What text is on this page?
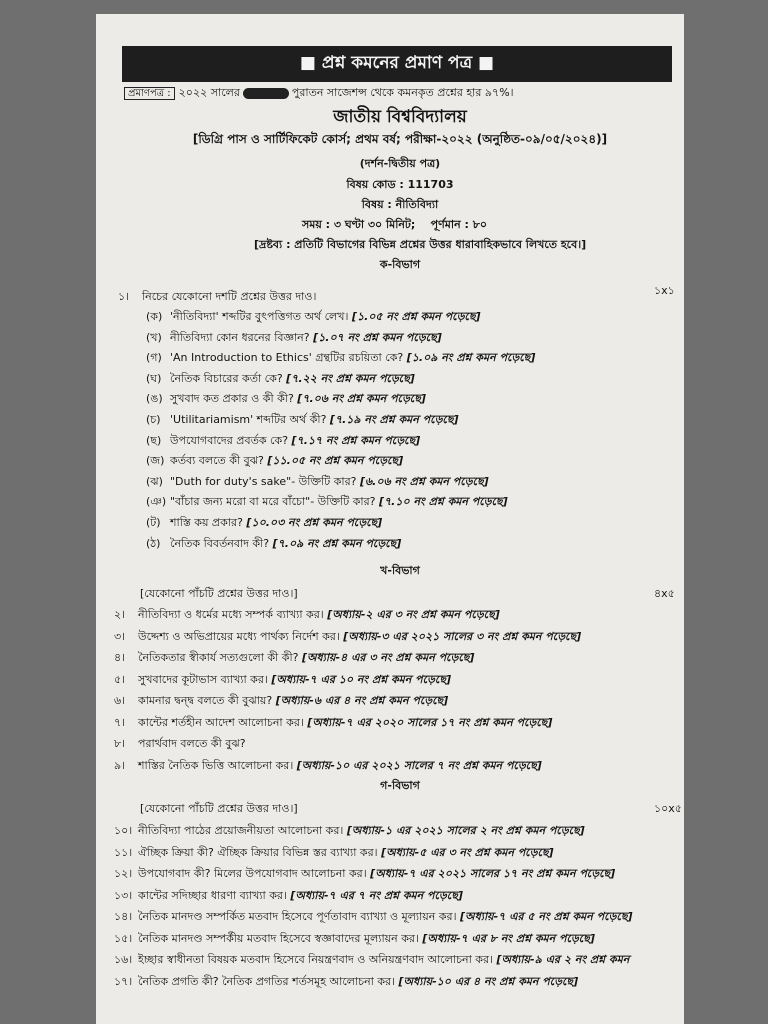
■ প্রশ্ন কমনের প্রমাণ পত্র ■
প্রমাণপত্র : ২০২২ সালের	পুরাতন সাজেশন্স থেকে কমনকৃত প্রশ্নের হার ৯৭%।
জাতীয় বিশ্ববিদ্যালয়
[ডিগ্রি পাস ও সার্টিফিকেট কোর্স; প্রথম বর্ষ; পরীক্ষা-২০২২ (অনুষ্ঠিত-০৯/০৫/২০২৪)]
(দর্শন-দ্বিতীয় পত্র)
বিষয় কোড : 111703
বিষয় : নীতিবিদ্যা
সময় : ৩ ঘণ্টা ৩০ মিনিট; পূর্ণমান : ৮০
[দ্রষ্টব্য : প্রতিটি বিভাগের বিভিন্ন প্রশ্নের উত্তর ধারাবাহিকভাবে লিখতে হবে।]
ক-বিভাগ
১x১
১। নিচের যেকোনো দশটি প্রশ্নের উত্তর দাও।
(ক) 'নীতিবিদ্যা' শব্দটির বুৎপত্তিগত অর্থ লেখ। [১.০৫ নং প্রশ্ন কমন পড়েছে]
(খ) নীতিবিদ্যা কোন ধরনের বিজ্ঞান? [১.০৭ নং প্রশ্ন কমন পড়েছে]
(গ) 'An Introduction to Ethics' গ্রন্থটির রচয়িতা কে? [১.০৯ নং প্রশ্ন কমন পড়েছে]
(ঘ) নৈতিক বিচারের কর্তা কে? [৭.২২ নং প্রশ্ন কমন পড়েছে]
(ঙ) সুখবাদ কত প্রকার ও কী কী? [৭.০৬ নং প্রশ্ন কমন পড়েছে]
(চ) 'Utilitariamism' শব্দটির অর্থ কী? [৭.১৯ নং প্রশ্ন কমন পড়েছে]
(ছ) উপযোগবাদের প্রবর্তক কে? [৭.১৭ নং প্রশ্ন কমন পড়েছে]
(জ) কর্তব্য বলতে কী বুঝ? [১১.০৫ নং প্রশ্ন কমন পড়েছে]
(ঝ) "Duth for duty's sake"- উক্তিটি কার? [৬.০৬ নং প্রশ্ন কমন পড়েছে]
(ঞ) "বাঁচার জন্য মরো বা মরে বাঁচো"- উক্তিটি কার? [৭.১০ নং প্রশ্ন কমন পড়েছে]
(ট) শাস্তি কয় প্রকার? [১০.০৩ নং প্রশ্ন কমন পড়েছে]
(ঠ) নৈতিক বিবর্তনবাদ কী? [৭.০৯ নং প্রশ্ন কমন পড়েছে]
খ-বিভাগ
[যেকোনো পাঁচটি প্রশ্নের উত্তর দাও।]	৪x৫
২। নীতিবিদ্যা ও ধর্মের মধ্যে সম্পর্ক ব্যাখ্যা কর। [অধ্যায়-২ এর ৩ নং প্রশ্ন কমন পড়েছে]
৩। উদ্দেশ্য ও অভিপ্রায়ের মধ্যে পার্থক্য নির্দেশ কর। [অধ্যায়-৩ এর ২০২১ সালের ৩ নং প্রশ্ন কমন পড়েছে]
৪। নৈতিকতার স্বীকার্য সত্যগুলো কী কী? [অধ্যায়-৪ এর ৩ নং প্রশ্ন কমন পড়েছে]
৫। সুখবাদের কূটাভাস ব্যাখ্যা কর। [অধ্যায়-৭ এর ১০ নং প্রশ্ন কমন পড়েছে]
৬। কামনার দ্বন্দ্ব বলতে কী বুঝায়? [অধ্যায়-৬ এর ৪ নং প্রশ্ন কমন পড়েছে]
৭। কান্টের শর্তহীন আদেশ আলোচনা কর। [অধ্যায়-৭ এর ২০২০ সালের ১৭ নং প্রশ্ন কমন পড়েছে]
৮। পরার্থবাদ বলতে কী বুঝ?
৯। শাস্তির নৈতিক ভিত্তি আলোচনা কর। [অধ্যায়-১০ এর ২০২১ সালের ৭ নং প্রশ্ন কমন পড়েছে]
গ-বিভাগ
[যেকোনো পাঁচটি প্রশ্নের উত্তর দাও।]	১০x৫
১০। নীতিবিদ্যা পাঠের প্রয়োজনীয়তা আলোচনা কর। [অধ্যায়-১ এর ২০২১ সালের ২ নং প্রশ্ন কমন পড়েছে]
১১। ঐচ্ছিক ক্রিয়া কী? ঐচ্ছিক ক্রিয়ার বিভিন্ন স্তর ব্যাখ্যা কর। [অধ্যায়-৫ এর ৩ নং প্রশ্ন কমন পড়েছে]
১২। উপযোগবাদ কী? মিলের উপযোগবাদ আলোচনা কর। [অধ্যায়-৭ এর ২০২১ সালের ১৭ নং প্রশ্ন কমন পড়েছে]
১৩। কান্টের সদিচ্ছার ধারণা ব্যাখ্যা কর। [অধ্যায়-৭ এর ৭ নং প্রশ্ন কমন পড়েছে]
১৪। নৈতিক মানদণ্ড সম্পর্কিত মতবাদ হিসেবে পূর্ণতাবাদ ব্যাখ্যা ও মূল্যায়ন কর। [অধ্যায়-৭ এর ৫ নং প্রশ্ন কমন পড়েছে]
১৫। নৈতিক মানদণ্ড সম্পর্কীয় মতবাদ হিসেবে স্বজ্ঞাবাদের মূল্যায়ন কর। [অধ্যায়-৭ এর ৮ নং প্রশ্ন কমন পড়েছে]
১৬। ইচ্ছার স্বাধীনতা বিষয়ক মতবাদ হিসেবে নিয়ন্ত্রণবাদ ও অনিয়ন্ত্রণবাদ আলোচনা কর। [অধ্যায়-৯ এর ২ নং প্রশ্ন কমন
১৭। নৈতিক প্রগতি কী? নৈতিক প্রগতির শর্তসমূহ আলোচনা কর। [অধ্যায়-১০ এর ৪ নং প্রশ্ন কমন পড়েছে]
